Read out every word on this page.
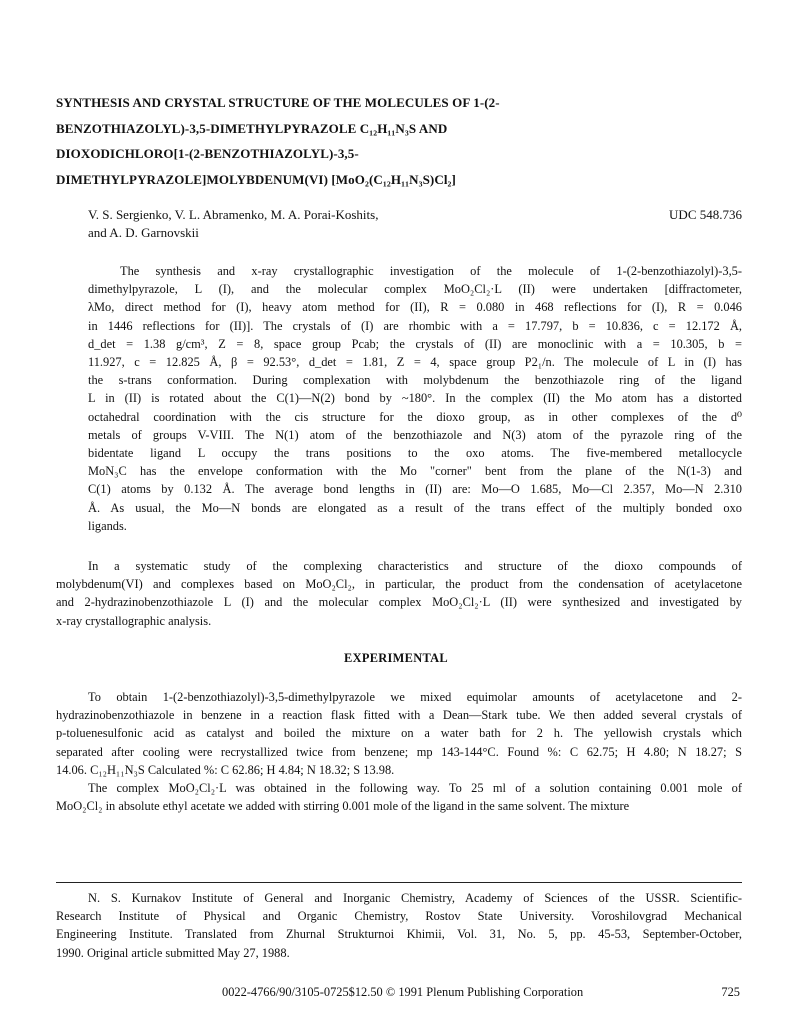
SYNTHESIS AND CRYSTAL STRUCTURE OF THE MOLECULES OF 1-(2-

BENZOTHIAZOLYL)-3,5-DIMETHYLPYRAZOLE C₁₂H₁₁N₃S AND

DIOXODICHLORO[1-(2-BENZOTHIAZOLYL)-3,5-

DIMETHYLPYRAZOLE]MOLYBDENUM(VI) [MoO₂(C₁₂H₁₁N₃S)Cl₂]

V. S. Sergienko, V. L. Abramenko, M. A. Porai-Koshits,
and A. D. Garnovskii
UDC 548.736
The synthesis and x-ray crystallographic investigation of the molecule of 1-(2-benzothiazolyl)-3,5-
dimethylpyrazole, L (I), and the molecular complex MoO₂Cl₂·L (II) were undertaken [diffractometer,
λMo, direct method for (I), heavy atom method for (II), R = 0.080 in 468 reflections for (I), R = 0.046
in 1446 reflections for (II)]. The crystals of (I) are rhombic with a = 17.797, b = 10.836, c = 12.172 Å,
d_det = 1.38 g/cm³, Z = 8, space group Pcab; the crystals of (II) are monoclinic with a = 10.305, b =
11.927, c = 12.825 Å, β = 92.53°, d_det = 1.81, Z = 4, space group P2₁/n. The molecule of L in (I) has
the s-trans conformation. During complexation with molybdenum the benzothiazole ring of the ligand
L in (II) is rotated about the C(1)—N(2) bond by ~180°. In the complex (II) the Mo atom has a distorted
octahedral coordination with the cis structure for the dioxo group, as in other complexes of the d⁰
metals of groups V-VIII. The N(1) atom of the benzothiazole and N(3) atom of the pyrazole ring of the
bidentate ligand L occupy the trans positions to the oxo atoms. The five-membered metallocycle
MoN₃C has the envelope conformation with the Mo "corner" bent from the plane of the N(1-3) and
C(1) atoms by 0.132 Å. The average bond lengths in (II) are: Mo—O 1.685, Mo—Cl 2.357, Mo—N 2.310
Å. As usual, the Mo—N bonds are elongated as a result of the trans effect of the multiply bonded oxo
ligands.
In a systematic study of the complexing characteristics and structure of the dioxo compounds of
molybdenum(VI) and complexes based on MoO₂Cl₂, in particular, the product from the condensation of acetylacetone
and 2-hydrazinobenzothiazole L (I) and the molecular complex MoO₂Cl₂·L (II) were synthesized and investigated by
x-ray crystallographic analysis.
EXPERIMENTAL
To obtain 1-(2-benzothiazolyl)-3,5-dimethylpyrazole we mixed equimolar amounts of acetylacetone and 2-
hydrazinobenzothiazole in benzene in a reaction flask fitted with a Dean—Stark tube. We then added several crystals of
p-toluenesulfonic acid as catalyst and boiled the mixture on a water bath for 2 h. The yellowish crystals which
separated after cooling were recrystallized twice from benzene; mp 143-144°C. Found %: C 62.75; H 4.80; N 18.27; S
14.06. C₁₂H₁₁N₃S Calculated %: C 62.86; H 4.84; N 18.32; S 13.98.
The complex MoO₂Cl₂·L was obtained in the following way. To 25 ml of a solution containing 0.001 mole of
MoO₂Cl₂ in absolute ethyl acetate we added with stirring 0.001 mole of the ligand in the same solvent. The mixture
N. S. Kurnakov Institute of General and Inorganic Chemistry, Academy of Sciences of the USSR. Scientific-
Research Institute of Physical and Organic Chemistry, Rostov State University. Voroshilovgrad Mechanical
Engineering Institute. Translated from Zhurnal Strukturnoi Khimii, Vol. 31, No. 5, pp. 45-53, September-October,
1990. Original article submitted May 27, 1988.
0022-4766/90/3105-0725$12.50 © 1991 Plenum Publishing Corporation	725
